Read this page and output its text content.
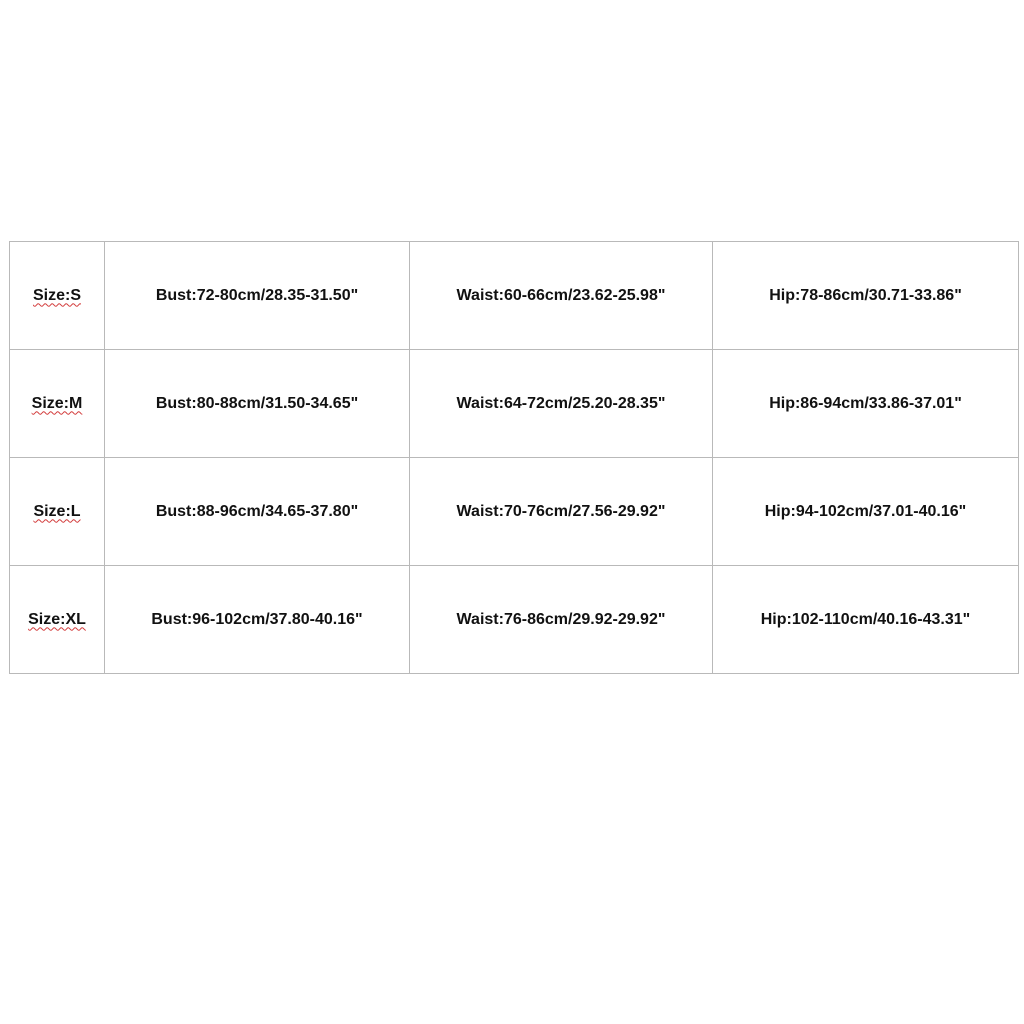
Size:S	Bust:72-80cm/28.35-31.50"	Waist:60-66cm/23.62-25.98"	Hip:78-86cm/30.71-33.86"
Size:M	Bust:80-88cm/31.50-34.65"	Waist:64-72cm/25.20-28.35"	Hip:86-94cm/33.86-37.01"
Size:L	Bust:88-96cm/34.65-37.80"	Waist:70-76cm/27.56-29.92"	Hip:94-102cm/37.01-40.16"
Size:XL	Bust:96-102cm/37.80-40.16"	Waist:76-86cm/29.92-29.92"	Hip:102-110cm/40.16-43.31"
